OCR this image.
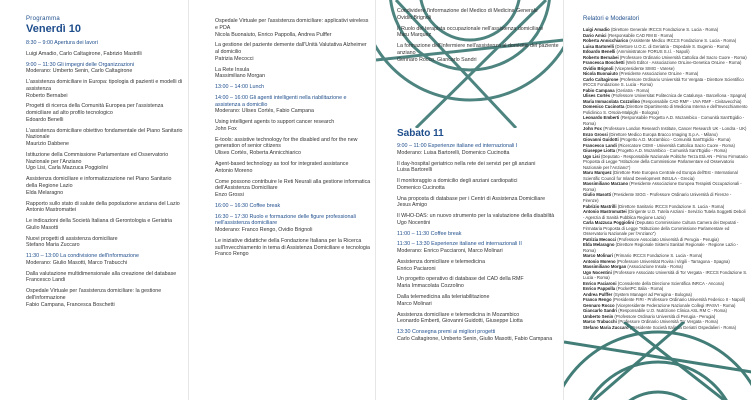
Programma
Venerdì 10
8:30 – 9:00 Apertura dei lavori
Luigi Amadio, Carlo Caltagirone, Fabrizio Mastrilli
9:00 – 11:30 Gli impegni delle Organizzazioni
Moderano: Umberto Senin, Carlo Caltagirone
L'assistenza domiciliare in Europa: tipologia di pazienti e modelli di assistenza
Roberto Bernabei
Progetti di ricerca della Comunità Europea per l'assistenza domiciliare ad alto profilo tecnologico
Edoardo Benelli
L'assistenza domiciliare obiettivo fondamentale del Piano Sanitario Nazionale
Maurizio Dabbene
Istituzione della Commissione Parlamentare ed Osservatorio Nazionale per l'Anziano
Ugo Lisi, Carla Mazzuca Poggiolini
Assistenza domiciliare e informatizzazione nel Piano Sanitario della Regione Lazio
Elda Melaragno
Rapporto sullo stato di salute della popolazione anziana del Lazio
Antonio Mastromattei
Le indicazioni della Società Italiana di Gerontologia e Geriatria
Giulio Masotti
Nuovi progetti di assistenza domiciliare
Stefano Maria Zuccaro
11:30 – 13:00 La condivisione dell'informazione
Moderano: Giulio Masotti, Marco Trabucchi
Dalla valutazione multidimensionale alla creazione del database
Francesco Landi
Ospedale Virtuale per l'assistenza domiciliare: la gestione dell'informazione
Fabio Campana, Francesca Boschetti
Ospedale Virtuale per l'assistenza domiciliare: applicativi wireless e PDA
Nicola Buonaiuto, Enrico Pappolla, Andrea Pulffer
La gestione del paziente demente dall'Unità Valutativa Alzheimer al domicilio
Patrizia Mecocci
La Rete Insula
Massimiliano Morgan
13:00 – 14:00 Lunch
14:00 – 16:00 Gli agenti intelligenti nella riabilitazione e assistenza a domicilio
Moderano: Ulises Cortés, Fabio Campana
Using intelligent agents to support cancer research
John Fox
E-tools: assistive technology for the disabled and for the new generation of senior citizens
Ulises Cortés, Roberta Annicchiarico
Agent-based technology as tool for integrated assistance
Antonio Moreno
Come possono contribuire le Reti Neurali alla gestione informatica dell'Assistenza Domiciliare
Enzo Grossi
16:00 – 16:30 Coffee break
16:30 – 17:30 Ruolo e formazione delle figure professionali nell'assistenza domiciliare
Moderano: Franco Rengo, Ovidio Brignoli
Le iniziative didattiche della Fondazione Italiana per la Ricerca sull'Invecchiamento in tema di Assistenza Domiciliare e tecnologia
Franco Rengo
Condividere l'informazione del Medico di Medicina Generale
Ovidio Brignoli
Il Ruolo del terapista occupazionale nell'assistenza domiciliare
Maru Marquez
La formazione dell'Infermiere nell'assistenza al domicilio del paziente anziano
Gennaro Rocco, Giancarlo Sandri
Sabato 11
9:00 – 11:00 Esperienze italiane ed internazionali I
Moderano: Luisa Bartorelli, Domenico Cucinotta
Il day-hospital geriatrico nella rete dei servizi per gli anziani
Luisa Bartorelli
Il monitoraggio a domicilio degli anziani cardiopatici
Domenico Cucinotta
Una proposta di database per i Centri di Assistenza Domiciliare
Jesus Amigo
Il WHO-DAS: un nuovo strumento per la valutazione della disabilità
Ugo Nocentini
11:00 – 11:30 Coffee break
11:30 – 13:30 Esperienze italiane ed internazionali II
Moderano: Enrico Pacciaroni, Marco Molinari
Assistenza domiciliare e telemedicina
Enrico Paciaroni
Un progetto operativo di database del CAD della RMF
Maria Immacolata Cozzolino
Dalla telemedicina alla teleriabilitazione
Marco Molinari
Assistenza domiciliare e telemedicina in Mozambico
Leonardo Emberti, Giovanni Guidotti, Giuseppe Liotta
13:30 Consegna premi ai migliori progetti
Carlo Caltagirone, Umberto Senin, Giulio Masotti, Fabio Campana
Relatori e Moderatori
Luigi Amadio (Direttore Generale IRCCS Fondazione S. Lucia - Roma)
Dario Amici (Responsabile CAD RM B - Roma)
Roberta Annicchiarico (Assistente Medico IRCCS Fondazione S. Lucia - Roma)
Luisa Bartorelli (Direttore U.O.C. di Geriatria - Ospedale S. Eugenio - Roma)
Edoardo Benelli (Amministratore FORUS S.r.l. - Napoli)
Roberto Bernabei (Professore Ordinario Università Cattolica del Sacro Cuore - Roma)
Francesca Boschetti (Web Editor - Associazione OnLine-Genetica OnLine - Roma)
Ovidio Brignoli (Vicepresidente SIMG - Varese)
Nicola Buonaiuto (Presidente Associazione OnLine - Roma)
Carlo Caltagirone (Professore Ordinario Università Tor Vergata - Direttore Scientifico IRCCS Fondazione S. Lucia - Roma)
Fabio Campana (Geriatra - Roma)
Ulises Cortés (Professore Universitat Politecnica de Catalunya - Barcellona - Spagna)
Maria Immacolata Cozzolino (Responsabile CAD RMF - UVA RMF - Civitavecchia)
Domenico Cucinotta (Direttore Dipartimento di Medicina Interna e dell'Invecchiamento Policlinico S. Orsola-Malpighi - Bologna)
Leonardo Emberti (Responsabile Progetto A.D. Mozambico - Comunità Sant'Egidio - Roma)
John Fox (Professore London Research Institute, Cancer Research UK - Londra - UK)
Enzo Grossi (Direttore Medico Europa Bracco Imaging S.p.A. - Milano)
Giovanni Guidotti (Progetto A.D. Mozambico - Comunità Sant'Egidio - Roma)
Francesco Landi (Ricercatore CEMI - Università Cattolica Sacro Cuore - Roma)
Giuseppe Liotta (Progetto A.D. Mozambico - Comunità Sant'Egidio - Roma)
Ugo Lisi (Deputato - Responsabile Nazionale Politiche Terza Età AN - Primo Firmatario Proposta di Legge "Istituzione della Commissione Parlamentare ed Osservatorio Nazionale per l'Anziano")
Maru Marquez (Direttore Rete Europea Centrale ed Europa dell'Est - International Scientific Council for Inland Development INSULA - Grecia)
Massimiliano Marzano (Presidente Associazione Europea Terapisti Occupazionali - Roma)
Giulio Masotti (Presidente SIGG - Professore Ordinario Università di Firenze - Firenze)
Fabrizio Mastrilli (Direttore Sanitario IRCCS Fondazione S. Lucia - Roma)
Antonio Mastromattei (Dirigente U.O. Tutela Anziani - Servizio Tutela Soggetti Deboli - Agenzia di Sanità Pubblica Regione Lazio)
Carla Mazzuca Poggiolini (Deputato Commissione Cultura Camera dei Deputati - Firmataria Proposta di Legge "Istituzione della Commissione Parlamentare ed Osservatorio Nazionale per l'Anziano")
Patrizia Mecocci (Professore Associato Università di Perugia - Perugia)
Elda Melaragno (Direttore Regionale Sistemi Sanitari Regionale - Regione Lazio - Roma)
Marco Molinari (Primario IRCCS Fondazione S. Lucia - Roma)
Antonio Moreno (Professore Universitat Rovira i Virgili - Tarragona - Spagna)
Massimiliano Morgan (Associazione Insula - Roma)
Ugo Nocentini (Professore Associato Università di Tor Vergata - IRCCS Fondazione S. Lucia - Roma)
Enrico Paciaroni (Consulente della Direzione Scientifica INRCA - Ancona)
Enrico Pappolla (PocketPC Italia - Roma)
Andrea Pulffer (System Manager ad Perugina - Bologna)
Franco Rengo (Presidente FIRI - Professore Ordinario Università Federico II - Napoli)
Gennaro Rocco (Vicepresidente Federazione Nazionale Collegi IPASVI - Roma)
Giancarlo Sandri (Responsabile U.O. Nutrizione Clinica ASL RM C - Roma)
Umberto Senin (Professore Ordinario Università di Perugia - Perugia)
Marco Trabucchi (Professore Ordinario Università Tor Vergata - Roma)
Stefano Maria Zuccaro (Presidente Società Italiana Geriatri Ospedalieri - Roma)
